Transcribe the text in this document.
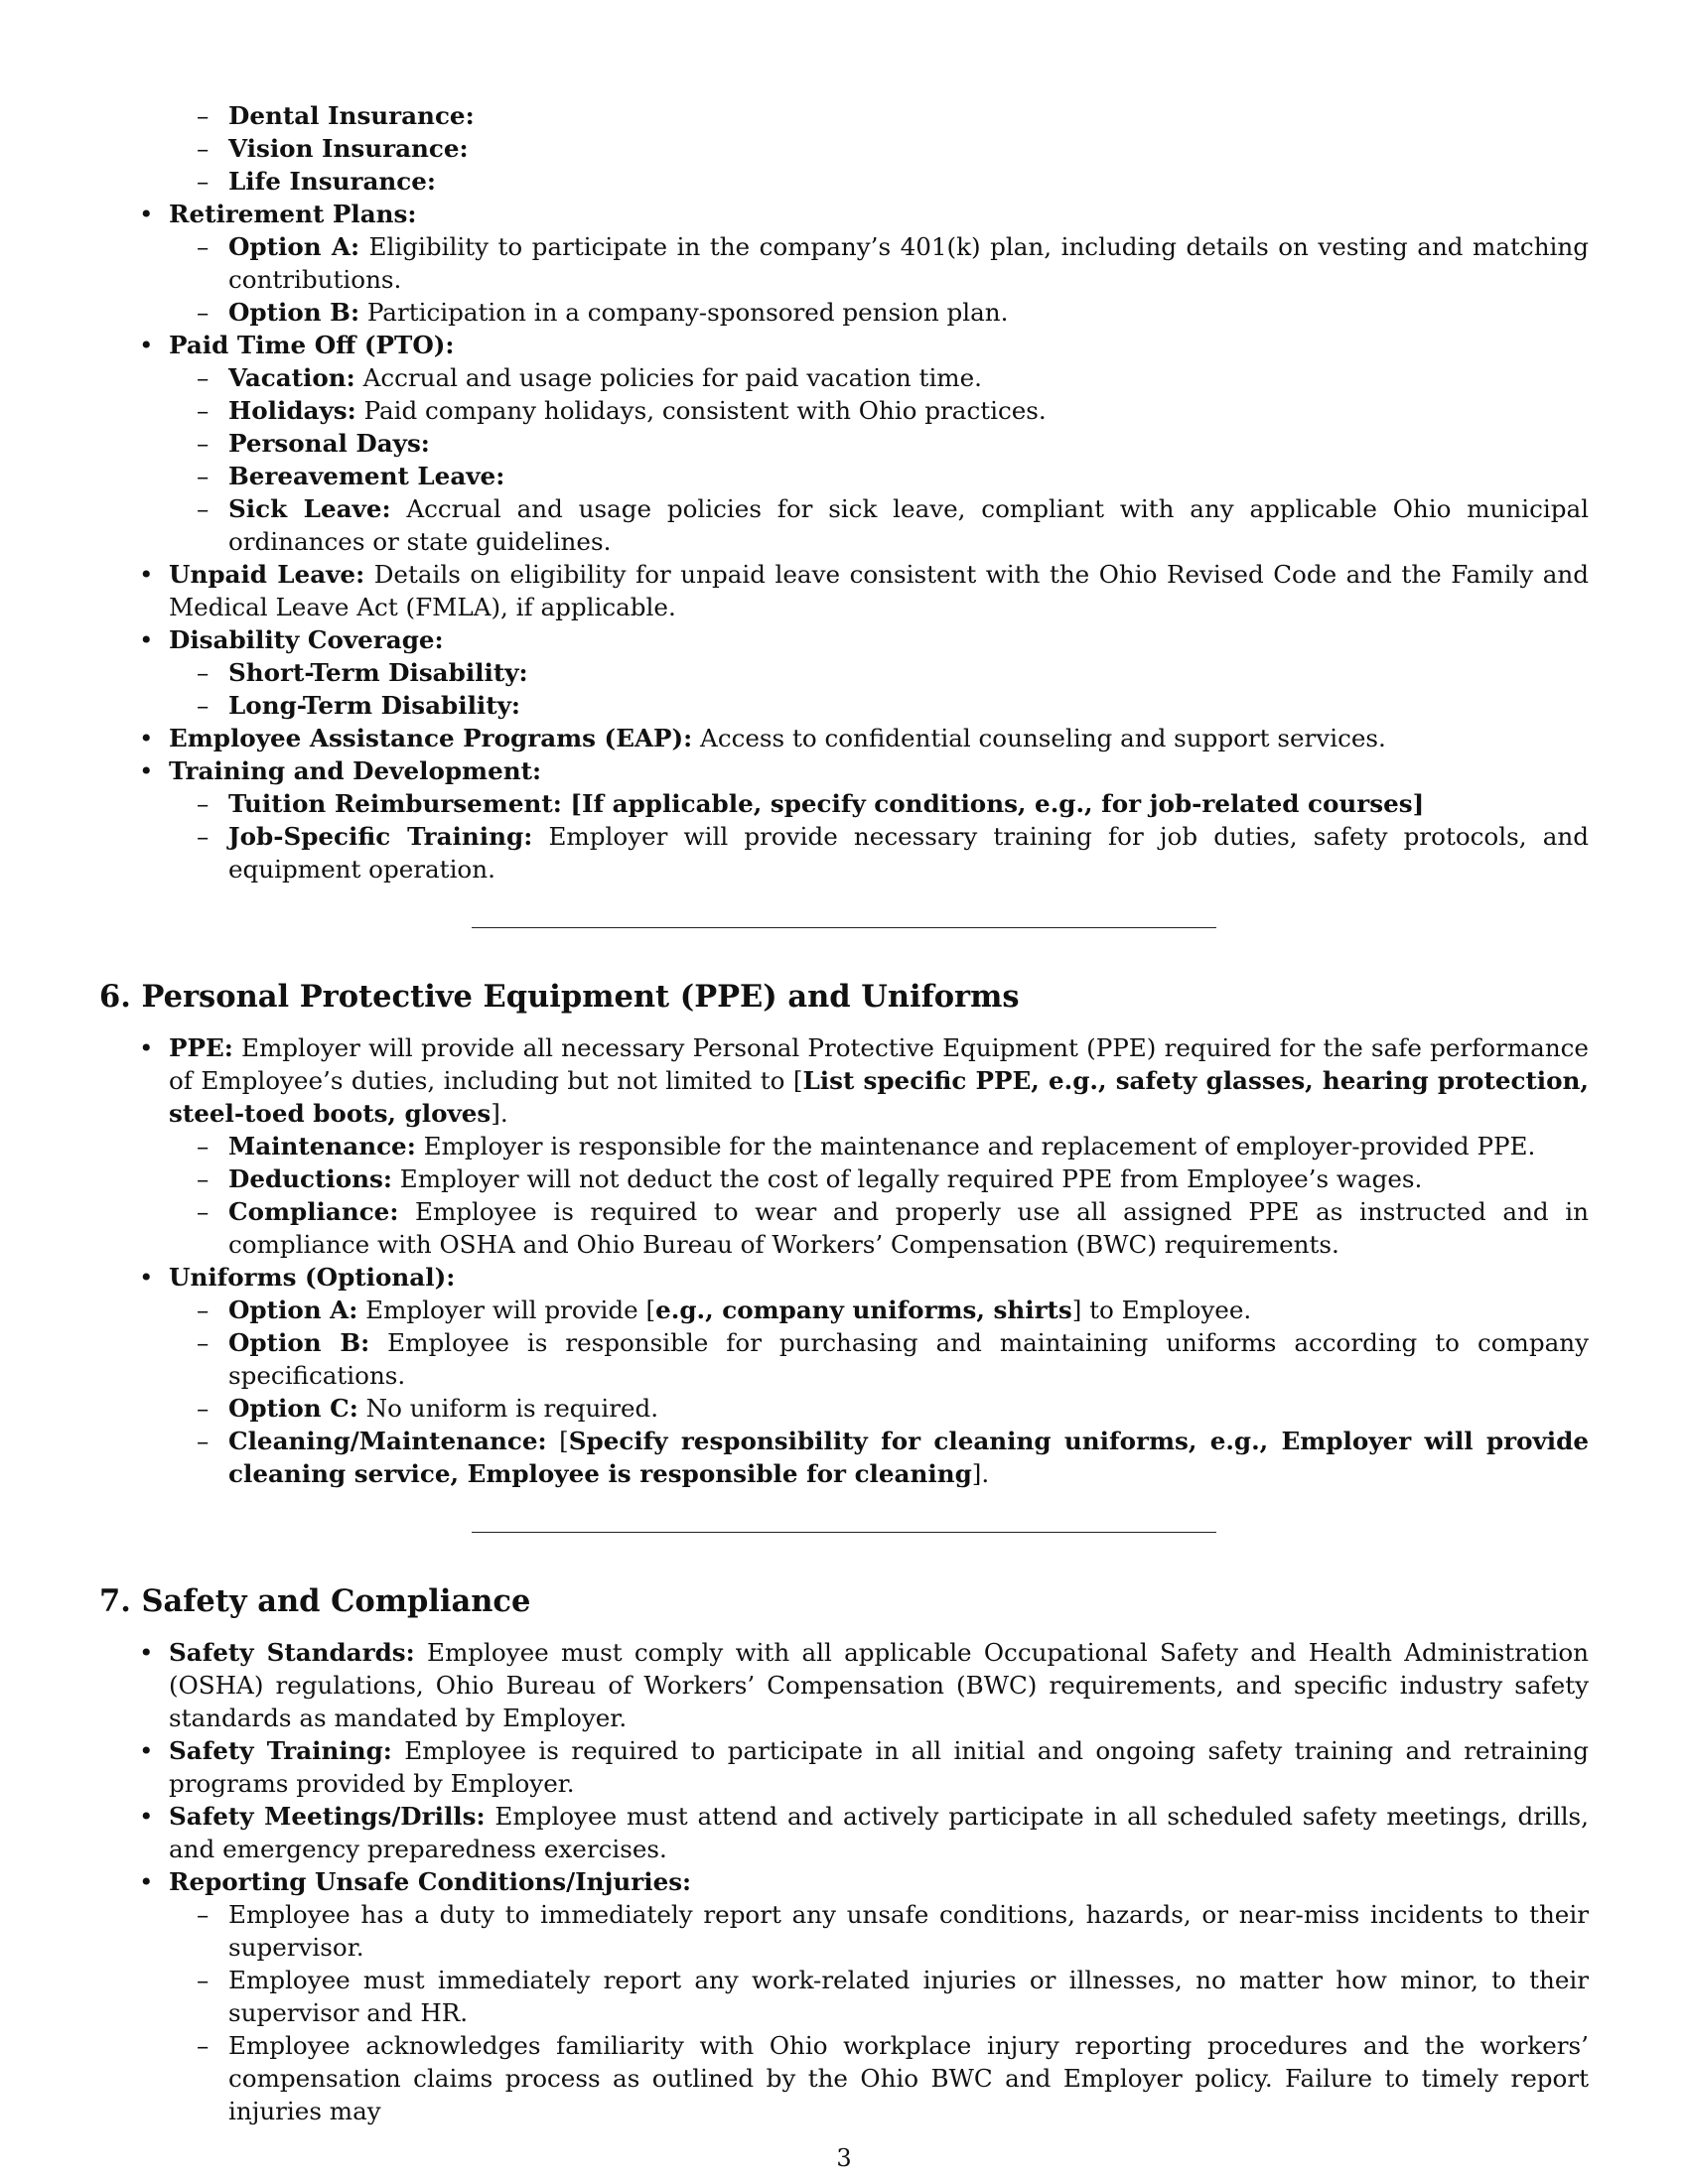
– Dental Insurance:
– Vision Insurance:
– Life Insurance:
• Retirement Plans:
– Option A: Eligibility to participate in the company’s 401(k) plan, including details on vesting and matching contributions.
– Option B: Participation in a company-sponsored pension plan.
• Paid Time Off (PTO):
– Vacation: Accrual and usage policies for paid vacation time.
– Holidays: Paid company holidays, consistent with Ohio practices.
– Personal Days:
– Bereavement Leave:
– Sick Leave: Accrual and usage policies for sick leave, compliant with any applicable Ohio municipal ordinances or state guidelines.
• Unpaid Leave: Details on eligibility for unpaid leave consistent with the Ohio Revised Code and the Family and Medical Leave Act (FMLA), if applicable.
• Disability Coverage:
– Short-Term Disability:
– Long-Term Disability:
• Employee Assistance Programs (EAP): Access to confidential counseling and support services.
• Training and Development:
– Tuition Reimbursement: [If applicable, specify conditions, e.g., for job-related courses]
– Job-Specific Training: Employer will provide necessary training for job duties, safety protocols, and equipment operation.
6. Personal Protective Equipment (PPE) and Uniforms
• PPE: Employer will provide all necessary Personal Protective Equipment (PPE) required for the safe performance of Employee’s duties, including but not limited to [List specific PPE, e.g., safety glasses, hearing protection, steel-toed boots, gloves].
– Maintenance: Employer is responsible for the maintenance and replacement of employer-provided PPE.
– Deductions: Employer will not deduct the cost of legally required PPE from Employee’s wages.
– Compliance: Employee is required to wear and properly use all assigned PPE as instructed and in compliance with OSHA and Ohio Bureau of Workers’ Compensation (BWC) requirements.
• Uniforms (Optional):
– Option A: Employer will provide [e.g., company uniforms, shirts] to Employee.
– Option B: Employee is responsible for purchasing and maintaining uniforms according to company specifications.
– Option C: No uniform is required.
– Cleaning/Maintenance: [Specify responsibility for cleaning uniforms, e.g., Employer will provide cleaning service, Employee is responsible for cleaning].
7. Safety and Compliance
• Safety Standards: Employee must comply with all applicable Occupational Safety and Health Administration (OSHA) regulations, Ohio Bureau of Workers’ Compensation (BWC) requirements, and specific industry safety standards as mandated by Employer.
• Safety Training: Employee is required to participate in all initial and ongoing safety training and retraining programs provided by Employer.
• Safety Meetings/Drills: Employee must attend and actively participate in all scheduled safety meetings, drills, and emergency preparedness exercises.
• Reporting Unsafe Conditions/Injuries:
– Employee has a duty to immediately report any unsafe conditions, hazards, or near-miss incidents to their supervisor.
– Employee must immediately report any work-related injuries or illnesses, no matter how minor, to their supervisor and HR.
– Employee acknowledges familiarity with Ohio workplace injury reporting procedures and the workers’ compensation claims process as outlined by the Ohio BWC and Employer policy. Failure to timely report injuries may
3
